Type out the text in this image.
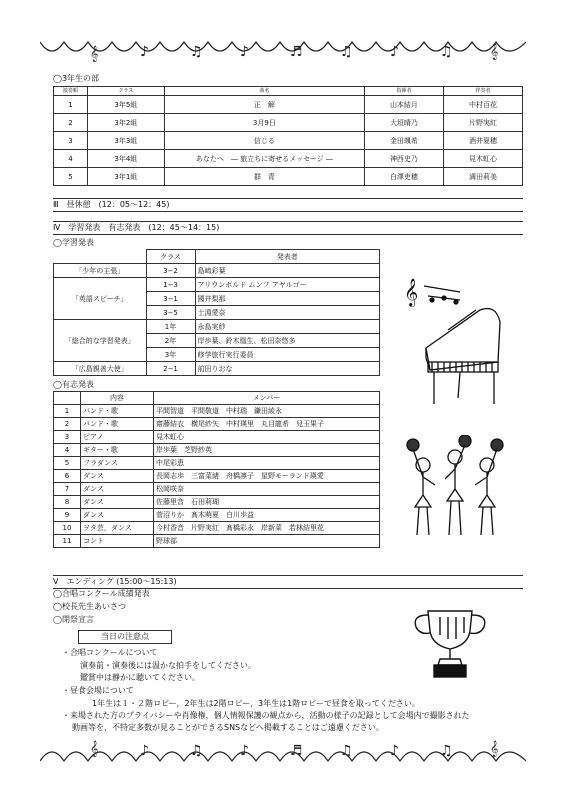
𝄞	♪	♫	♪	♬	♫	♪	♫	𝄞
𝄞	♪	♫	♪	♬	♫	♪	♫	𝄞
◯3年生の部
演奏順	クラス	曲名	指揮者	伴奏者
1	3年5組	正　解	山本結月	中村百花
2	3年2組	3月9日	大垣晴乃	片野実紅
3	3年3組	信じる	金田颯希	酒井夏穂
4	3年4組	あなたへ　― 旅立ちに寄せるメッセージ ―	神西史乃	見木虹心
5	3年1組	群　青	白澤吏穂	満田莉美
Ⅲ　昼休憩　(12：05〜12：45)
Ⅳ　学習発表　有志発表　(12：45〜14：15)
◯学習発表
	クラス	発表者
「少年の主張」	3−2	島﨑彩葉
「英語スピーチ」	1−3	アリウンボルド ムンフ アヤルゴー
	3−1	國井梨那
	3−5	土淵愛奈
「総合的な学習発表」	1年	永島実紗
	2年	岸歩葉、鈴木凰生、松田奈悠多
	3年	修学旅行実行委員
「広島親善大使」	2−1	前田りおな
◯有志発表
	内容	メンバー
1	バンド・歌	平間智道　平間敬道　中村瑞　鎌田綾永
2	バンド・歌	齋藤結衣　横尾紗矢　中村瑛里　丸目龍希　兒玉果子
3	ピアノ	見木虹心
4	ギター・歌	岸歩葉　芝野紗英
5	フラダンス	中尾彩恵
6	ダンス	長岡志歩　三富菜緒　舟橋凛子　星野モーランド瑛愛
7	ダンス	松岡咲奈
8	ダンス	佐藤里音　石田莉瑚
9	ダンス	菅沼りか　髙木萌夏　白川歩益
10	ヲタ芸，ダンス	今村香音　片野実紅　髙橋彩永　岸新菜　若林結里花
11	コント	野球部
Ⅴ　エンディング (15:00〜15:13)
◯合唱コンクール成績発表
◯校長先生あいさつ
◯閉祭宣言
当日の注意点
・合唱コンクールについて
演奏前・演奏後には温かな拍手をしてください。
鑑賞中は静かに聴いてください。
・昼食会場について
1年生は１・２階ロビー，2年生は2階ロビー，3年生は1階ロビーで昼食を取ってください。
・来場された方のプライバシーや肖像権，個人情報保護の観点から，活動の様子の記録として会場内で撮影された
動画等を，不特定多数が見ることができるSNSなどへ掲載することはご遠慮ください。
𝄞
